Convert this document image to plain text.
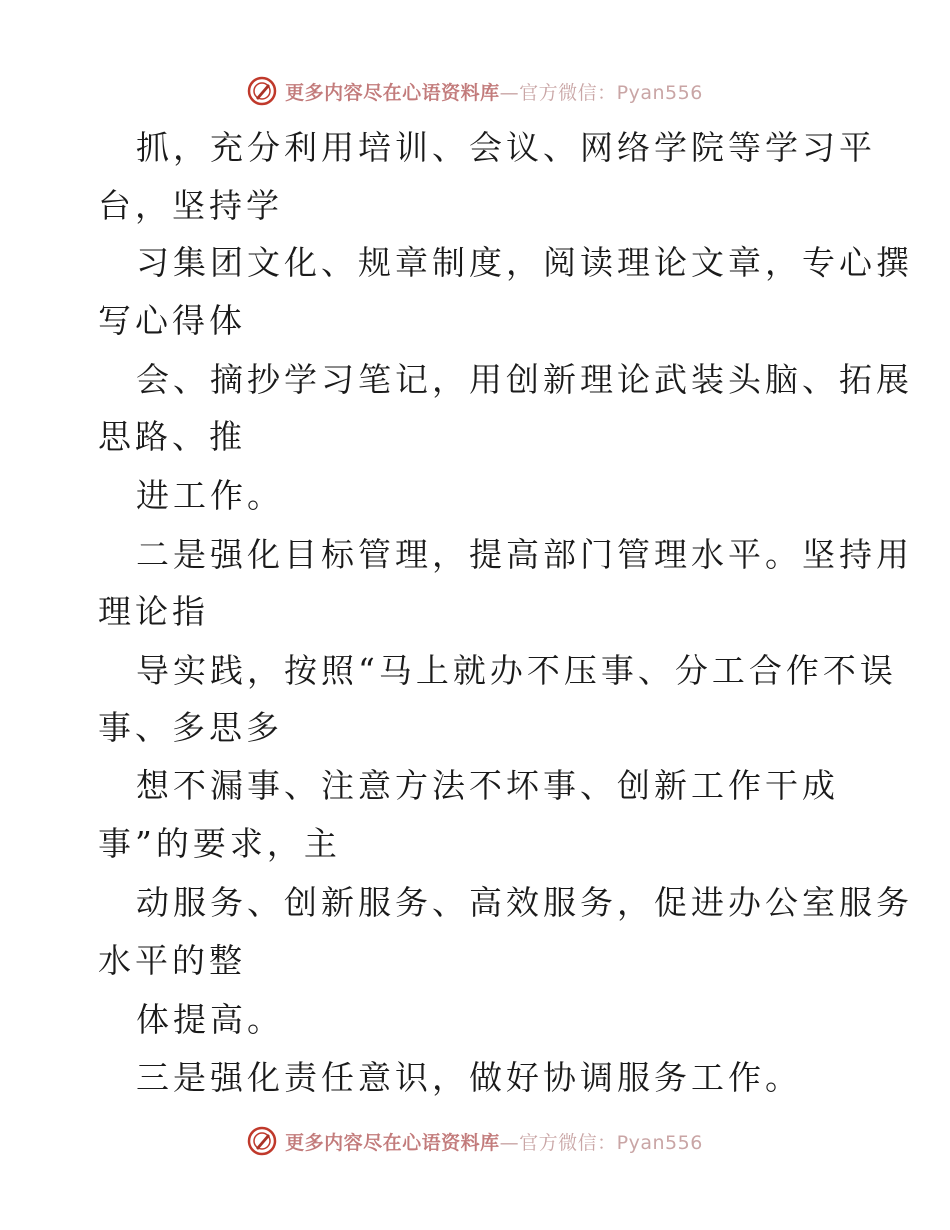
更多内容尽在心语资料库—官方微信：Pyan556
抓，充分利用培训、会议、网络学院等学习平
台，坚持学
习集团文化、规章制度，阅读理论文章，专心撰
写心得体
会、摘抄学习笔记，用创新理论武装头脑、拓展
思路、推
进工作。
二是强化目标管理，提高部门管理水平。坚持用
理论指
导实践，按照“马上就办不压事、分工合作不误
事、多思多
想不漏事、注意方法不坏事、创新工作干成
事”的要求，主
动服务、创新服务、高效服务，促进办公室服务
水平的整
体提高。
三是强化责任意识，做好协调服务工作。
更多内容尽在心语资料库—官方微信：Pyan556
